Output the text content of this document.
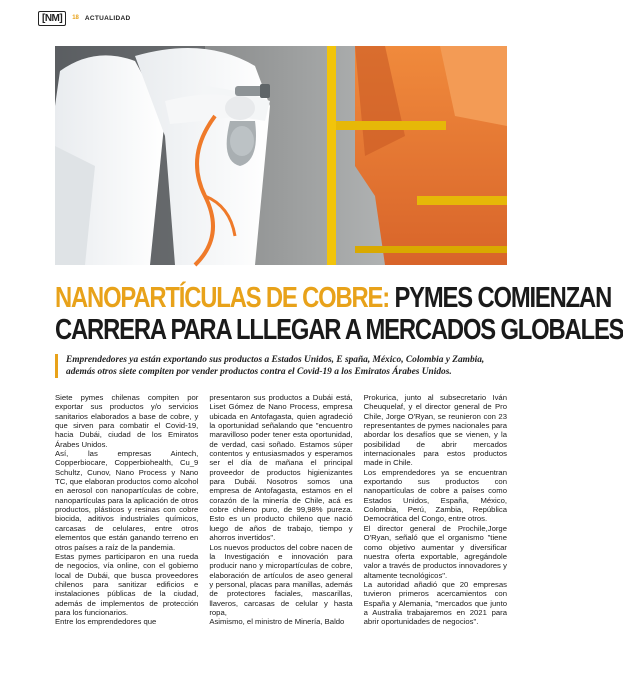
[NM]	18 ACTUALIDAD
NANOPARTÍCULAS DE COBRE: PYMES COMIENZAN
CARRERA PARA LLLEGAR A MERCADOS GLOBALES
Emprendedores ya están exportando sus productos a Estados Unidos, E spaña, México, Colombia y Zambia, además otros siete compiten por vender productos contra el Covid-19 a los Emiratos Árabes Unidos.

Siete pymes chilenas compiten por exportar sus productos y/o servicios sanitarios elaborados a base de cobre, y que sirven para combatir el Covid-19, hacia Dubái, ciudad de los Emiratos Árabes Unidos.

Así, las empresas Aintech, Copperbiocare, Copperbiohealth, Cu_9 Schultz, Cunov, Nano Process y Nano TC, que elaboran productos como alcohol en aerosol con nanopartículas de cobre, nanopartículas para la aplicación de otros productos, plásticos y resinas con cobre biocida, aditivos industriales químicos, carcasas de celulares, entre otros elementos que están ganando terreno en otros países a raíz de la pandemia.

Estas pymes participaron en una rueda de negocios, vía online, con el gobierno local de Dubái, que busca proveedores chilenos para sanitizar edificios e instalaciones públicas de la ciudad, además de implementos de protección para los funcionarios.

Entre los emprendedores que

presentaron sus productos a Dubái está, Liset Gómez de Nano Process, empresa ubicada en Antofagasta, quien agradeció la oportunidad señalando que "encuentro maravilloso poder tener esta oportunidad, de verdad, casi soñado. Estamos súper contentos y entusiasmados y esperamos ser el día de mañana el principal proveedor de productos higienizantes para Dubái. Nosotros somos una empresa de Antofagasta, estamos en el corazón de la minería de Chile, acá es cobre chileno puro, de 99,98% pureza. Esto es un producto chileno que nació luego de años de trabajo, tiempo y ahorros invertidos".

Los nuevos productos del cobre nacen de la Investigación e innovación para producir nano y micropartículas de cobre, elaboración de artículos de aseo general y personal, placas para manillas, además de protectores faciales, mascarillas, llaveros, carcasas de celular y hasta ropa,

Asimismo, el ministro de Minería, Baldo

Prokurica, junto al subsecretario Iván Cheuquelaf, y el director general de Pro Chile, Jorge O'Ryan, se reunieron con 23 representantes de pymes nacionales para abordar los desafíos que se vienen, y la posibilidad de abrir mercados internacionales para estos productos made in Chile.

Los emprendedores ya se encuentran exportando sus productos con nanopartículas de cobre a países como Estados Unidos, España, México, Colombia, Perú, Zambia, República Democrática del Congo, entre otros.

El director general de Prochile,Jorge O'Ryan, señaló que el organismo "tiene como objetivo aumentar y diversificar nuestra oferta exportable, agregándole valor a través de productos innovadores y altamente tecnológicos".

La autoridad añadió que 20 empresas tuvieron primeros acercamientos con España y Alemania, "mercados que junto a Australia trabajaremos en 2021 para abrir oportunidades de negocios".
